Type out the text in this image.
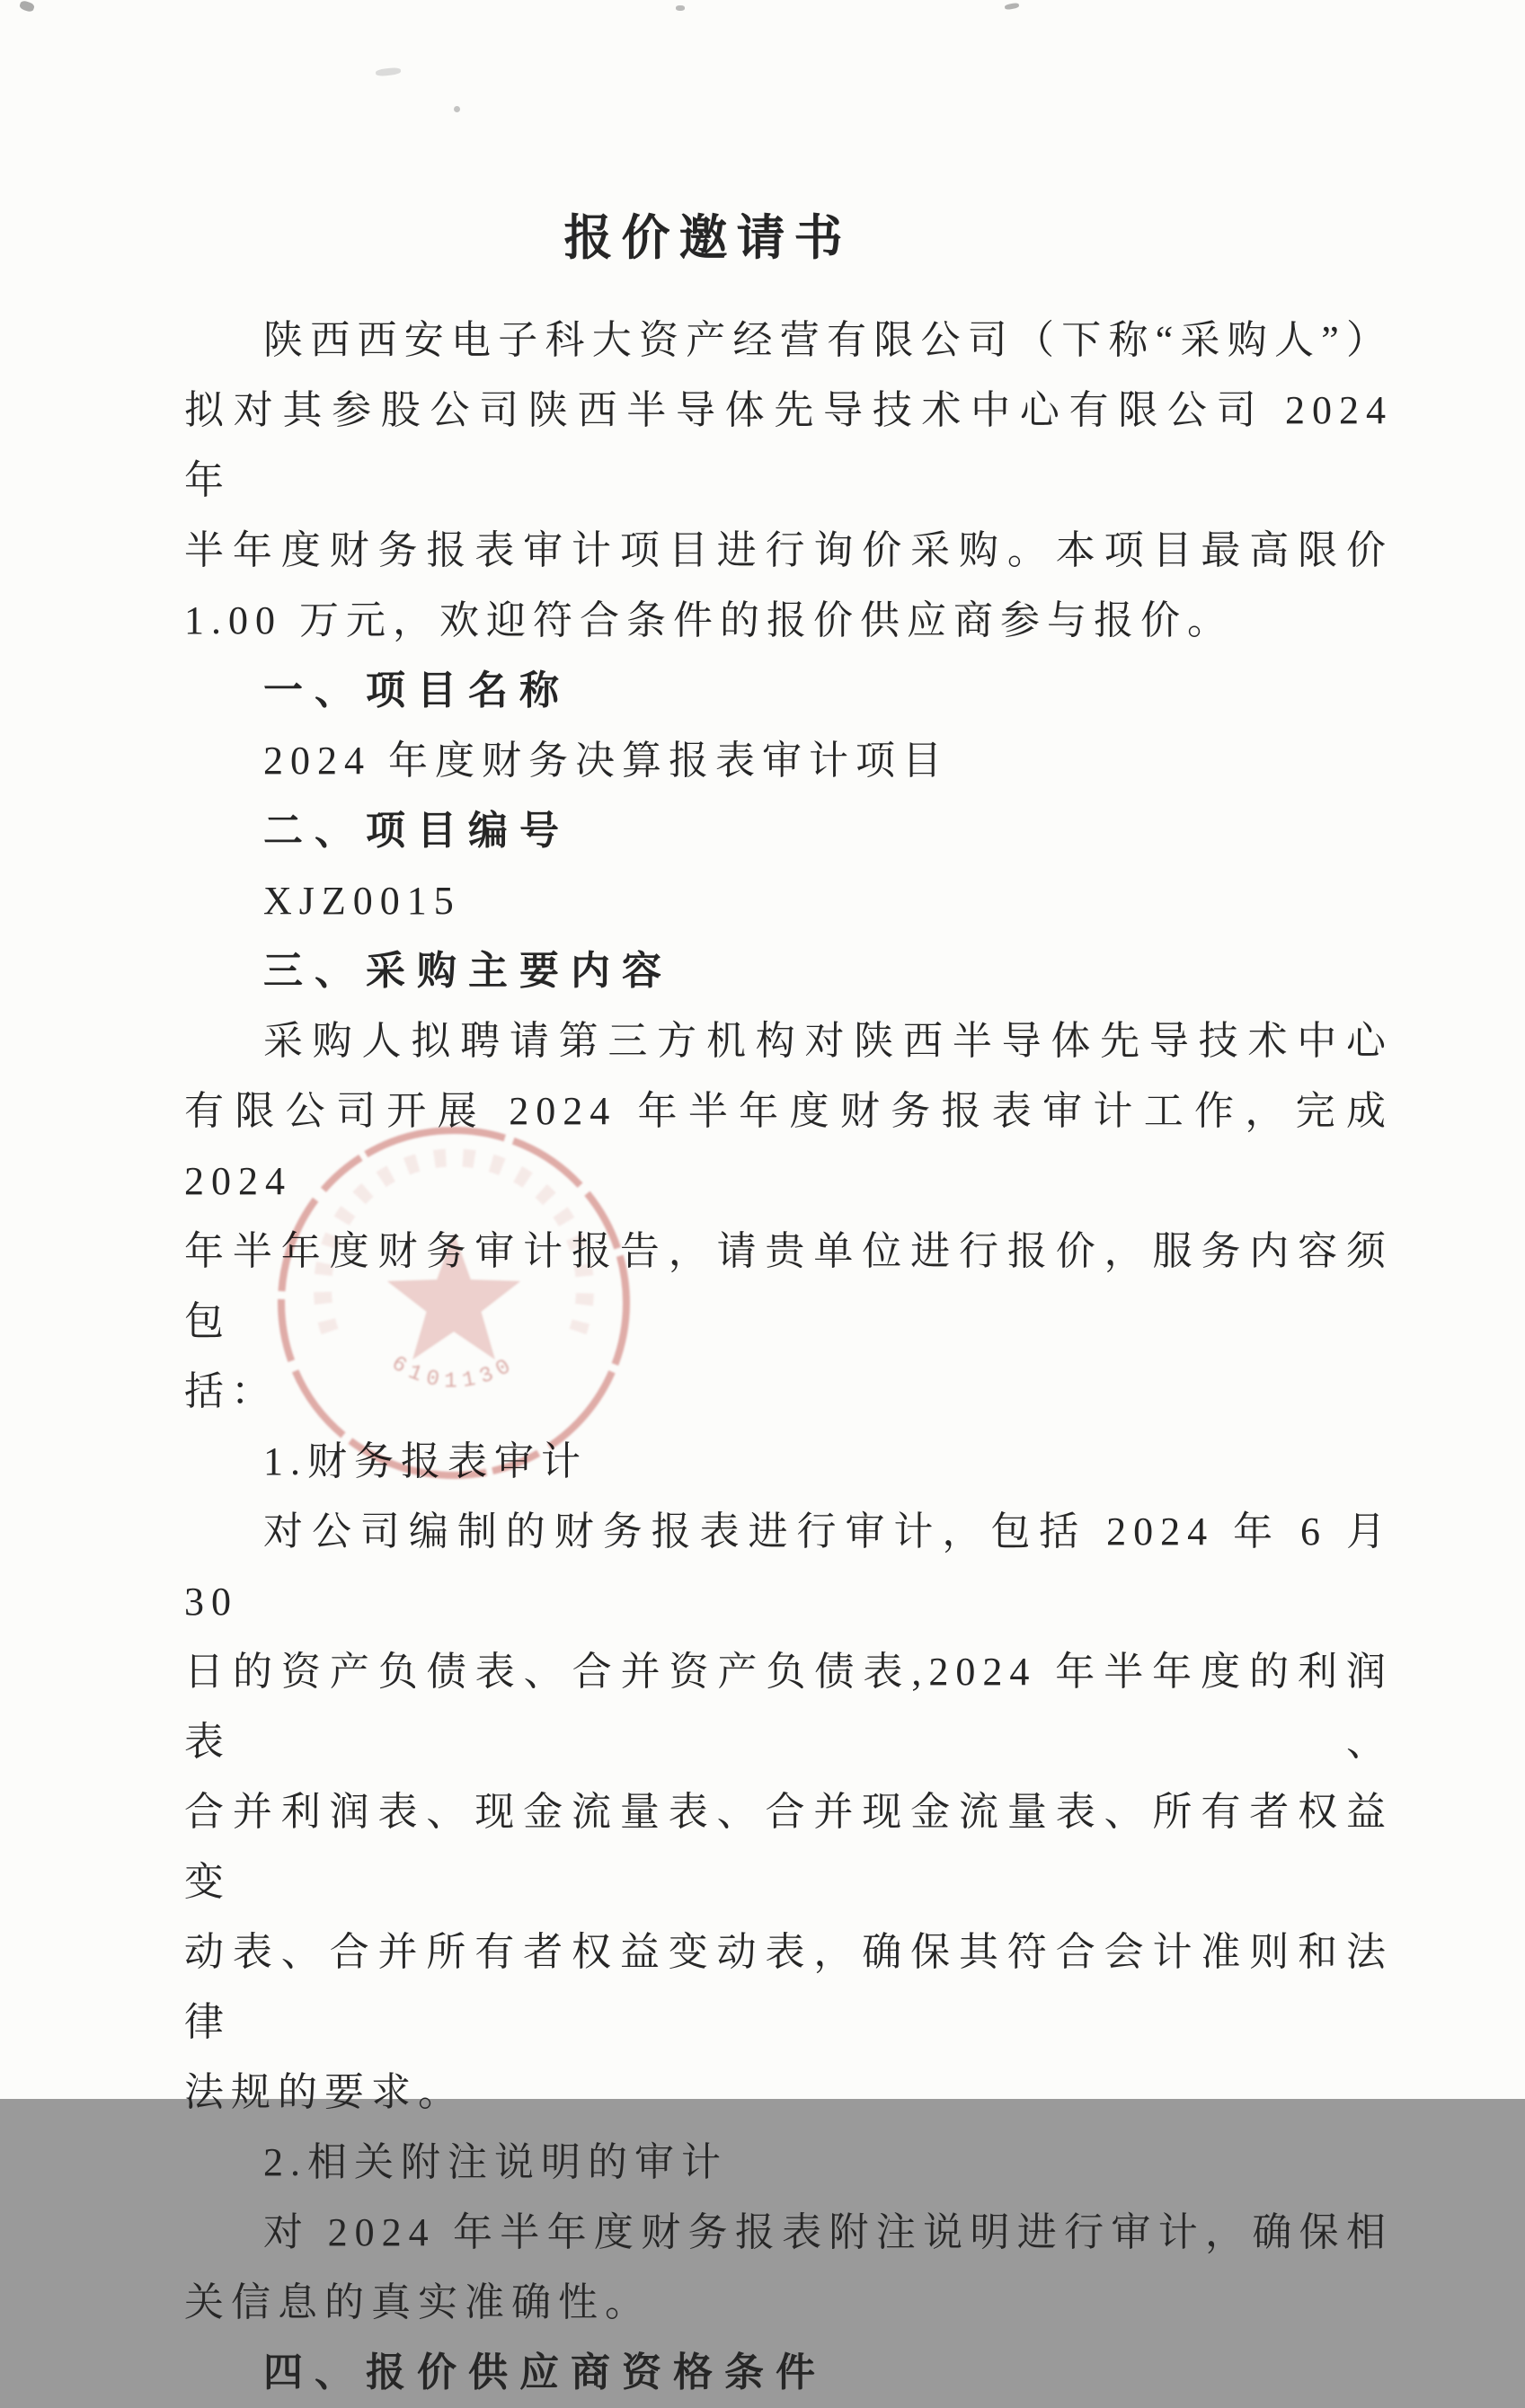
报价邀请书
陕西西安电子科大资产经营有限公司（下称“采购人”）
拟对其参股公司陕西半导体先导技术中心有限公司 2024 年
半年度财务报表审计项目进行询价采购。本项目最高限价
1.00 万元，欢迎符合条件的报价供应商参与报价。
一、项目名称
2024 年度财务决算报表审计项目
二、项目编号
XJZ0015
三、采购主要内容
采购人拟聘请第三方机构对陕西半导体先导技术中心
有限公司开展 2024 年半年度财务报表审计工作，完成 2024
年半年度财务审计报告，请贵单位进行报价，服务内容须包
括：
1.财务报表审计
对公司编制的财务报表进行审计，包括 2024 年 6 月 30
日的资产负债表、合并资产负债表,2024 年半年度的利润表、
合并利润表、现金流量表、合并现金流量表、所有者权益变
动表、合并所有者权益变动表，确保其符合会计准则和法律
法规的要求。
2.相关附注说明的审计
对 2024 年半年度财务报表附注说明进行审计，确保相
关信息的真实准确性。
四、报价供应商资格条件
6101130
